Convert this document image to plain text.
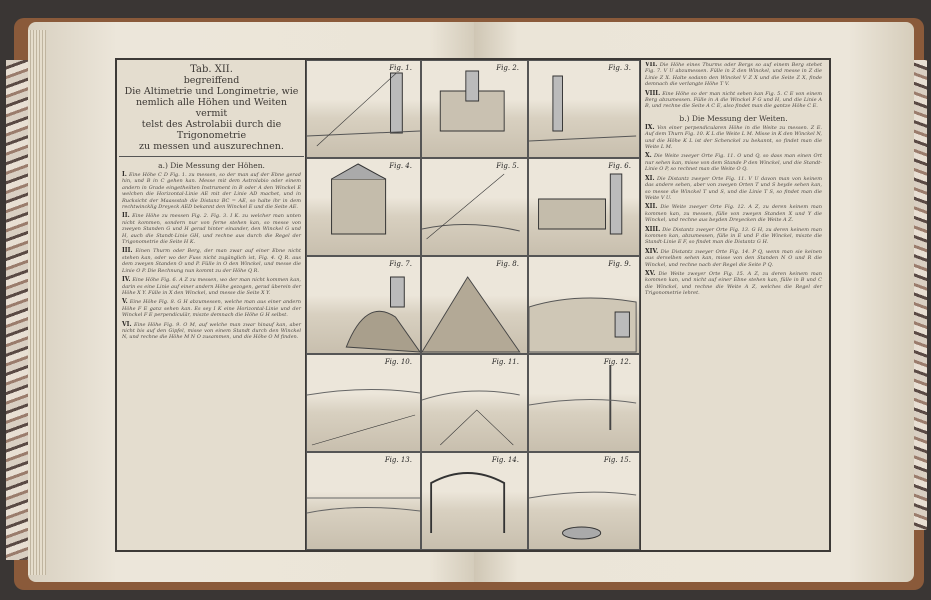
Tab. XII.
begreiffend
Die Altimetrie und Longimetrie, wie
nemlich alle Höhen und Weiten vermit
telst des Astrolabii durch die Trigonometrie
zu messen und auszurechnen.
a.) Die Messung der Höhen.
I. Eine Höhe C D Fig. 1. zu messen, so der man auf der Ebne gerad hin, und B in C gehen kan. Messe mit dem Astrolabio oder einem andern in Grade eingetheilten Instrument in B oder A den Winckel E welchen die Horizontal-Linie AE mit der Linie AD machet, und in Rucksicht der Maassstab die Distanz BC = AE, so halte ihr in dem rechtwincklig Dreyeck AED bekannt den Winckel E und die Seite AE.
II. Eine Höhe zu messen Fig. 2. Fig. 3. I K. zu welcher man unten nicht kommen, sondern nur von ferne stehen kan, so messe von zweyen Standen G und H gerad hinter einander, den Winckel G und H, auch die Standt-Linie GH, und rechne aus durch die Regel der Trigonometrie die Seite H K.
III. Einen Thurm oder Berg, der man zwar auf einer Ebne nicht stehen kan, oder wo der Fuss nicht zugänglich ist, Fig. 4. Q R. aus dem zweyen Standen O und P. Fülle in O den Winckel, und messe die Linie O P. Die Rechnung nun kommt zu der Höhe Q R.
IV. Eine Höhe Fig. 6. A Z zu messen, wo der man nicht kommen kan, darin es eine Linie auf einer andern Höhe gezogen, gerad überein der Höhe X Y. Fülle in X den Winckel, und messe die Seite X Y.
V. Eine Höhe Fig. 8. G H abzumessen, welche man aus einer andern Höhe F E ganz sehen kan. Es sey I K eine Horizontal-Linie und der Winckel F E perpendiculär, miszte demnach die Höhe G H selbst.
VI. Eine Höhe Fig. 9. O M, auf welche man zwar hinauf kan, aber nicht bis auf den Gipfel, misse von einem Standt durch den Winckel N, und rechne die Höhe M N O zusammen, und die Höhe O M finden.
Fig. 1.	Fig. 2.	Fig. 3.
Fig. 4.	Fig. 5.	Fig. 6.
Fig. 7.	Fig. 8.	Fig. 9.
Fig. 10.	Fig. 11.	Fig. 12.
Fig. 13.	Fig. 14.	Fig. 15.
VII. Die Höhe eines Thurms oder Bergs so auf einem Berg stehet Fig. 7. V U abzumessen. Fülle in Z den Winckel, und messe in Z die Linie Z X. Halte sodann den Winckel V Z X und die Seite Z X, finde demnach die verlangte Höhe T V.
VIII. Eine Höhe so der man nicht sehen kan Fig. 5. C E von einem Berg abzumessen. Fülle in A die Winckel F G und H, und die Linie A B, und rechne die Seite A C E, also findet man die gantze Höhe C E.
b.) Die Messung der Weiten.
IX. Von einer perpendicularen Höhe in die Weite zu messen. Z E. Auf dem Thurn Fig. 10. K L die Weite L M. Misse in K den Winckel N, und die Höhe K L ist der Schenckel zu bekannt, so findet man die Weite L M.
X. Die Weite zweyer Orte Fig. 11. O und Q, so dass man einen Ort nur sehen kan, misse von dem Stande P den Winckel, und die Standt-Linie O P, so rechnet man die Weite O Q.
XI. Die Distantz zweyer Orte Fig. 11. V U davon man von keinem das andere sehen, aber von zweyen Orten T und S beyde sehen kan, so messe die Winckel T und S, und die Linie T S, so findet man die Weite V U.
XII. Die Weite zweyer Orte Fig. 12. A Z, zu deren keinem man kommen kan, zu messen, fülle von zweyen Standen X und Y die Winckel, und rechne aus beyden Dreyecken die Weite A Z.
XIII. Die Distantz zweyer Orte Fig. 13. G H, zu deren keinem man kommen kan, abzumessen, fülle in E und F die Winckel, miszte die Standt-Linie E F, so findet man die Distantz G H.
XIV. Die Distantz zweyer Orte Fig. 14. P Q, wenn man sie keinen aus derselben sehen kan, misse von den Standen N O und R die Winckel, und rechne nach der Regel die Seite P Q.
XV. Die Weite zweyer Orte Fig. 15. A Z, zu deren keinem man kommen kan, und nicht auf einer Ebne stehen kan, fülle in B und C die Winckel, und rechne die Weite A Z, welches die Regel der Trigonometrie lehret.
